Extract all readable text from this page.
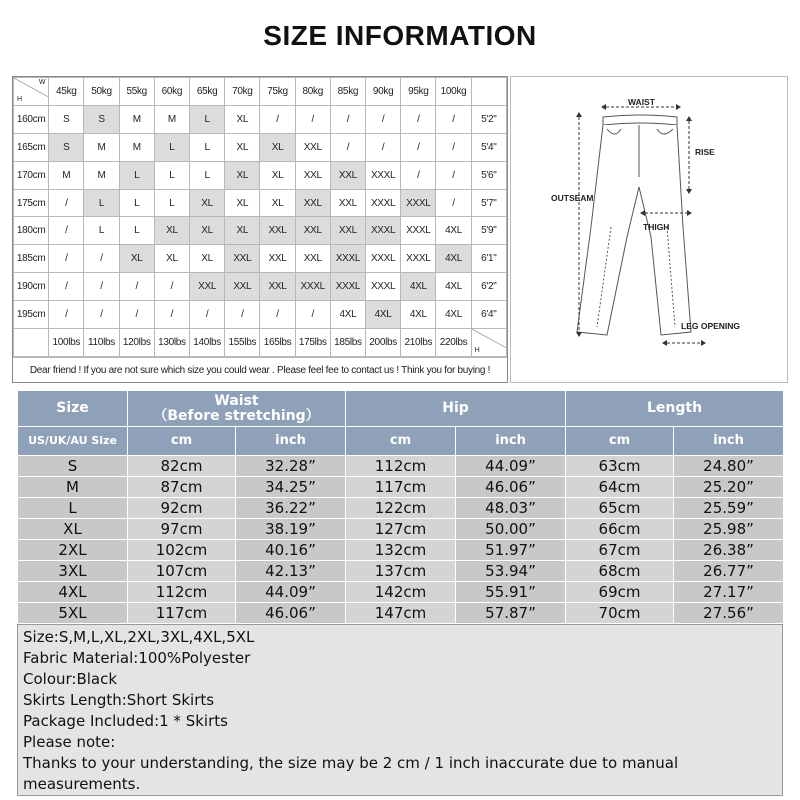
SIZE INFORMATION
H
W	45kg	50kg	55kg	60kg	65kg	70kg	75kg	80kg	85kg	90kg	95kg	100kg	
160cm	S	S	M	M	L	XL	/	/	/	/	/	/	5'2"
165cm	S	M	M	L	L	XL	XL	XXL	/	/	/	/	5'4"
170cm	M	M	L	L	L	XL	XL	XXL	XXL	XXXL	/	/	5'6"
175cm	/	L	L	L	XL	XL	XL	XXL	XXL	XXXL	XXXL	/	5'7"
180cm	/	L	L	XL	XL	XL	XXL	XXL	XXL	XXXL	XXXL	4XL	5'9"
185cm	/	/	XL	XL	XL	XXL	XXL	XXL	XXXL	XXXL	XXXL	4XL	6'1"
190cm	/	/	/	/	XXL	XXL	XXL	XXXL	XXXL	XXXL	4XL	4XL	6'2"
195cm	/	/	/	/	/	/	/	/	4XL	4XL	4XL	4XL	6'4"
	100lbs	110lbs	120lbs	130lbs	140lbs	155lbs	165lbs	175lbs	185lbs	200lbs	210lbs	220lbs	H
Dear friend ! If you are not sure which size you could wear . Please feel fee to contact us ! Think you for buying !
WAIST
RISE
OUTSEAM
THIGH
LEG OPENING
Size	Waist
（Before stretching）		Hip		Length	
US/UK/AU Size	cm	inch	cm	inch	cm	inch
S	82cm	32.28”	112cm	44.09”	63cm	24.80”
M	87cm	34.25”	117cm	46.06”	64cm	25.20”
L	92cm	36.22”	122cm	48.03”	65cm	25.59”
XL	97cm	38.19”	127cm	50.00”	66cm	25.98”
2XL	102cm	40.16”	132cm	51.97”	67cm	26.38”
3XL	107cm	42.13”	137cm	53.94”	68cm	26.77”
4XL	112cm	44.09”	142cm	55.91”	69cm	27.17”
5XL	117cm	46.06”	147cm	57.87”	70cm	27.56”
Size:S,M,L,XL,2XL,3XL,4XL,5XL
Fabric Material:100%Polyester
Colour:Black
Skirts Length:Short Skirts
Package Included:1 * Skirts
Please note:
Thanks to your understanding, the size may be 2 cm / 1 inch inaccurate due to manual measurements.
